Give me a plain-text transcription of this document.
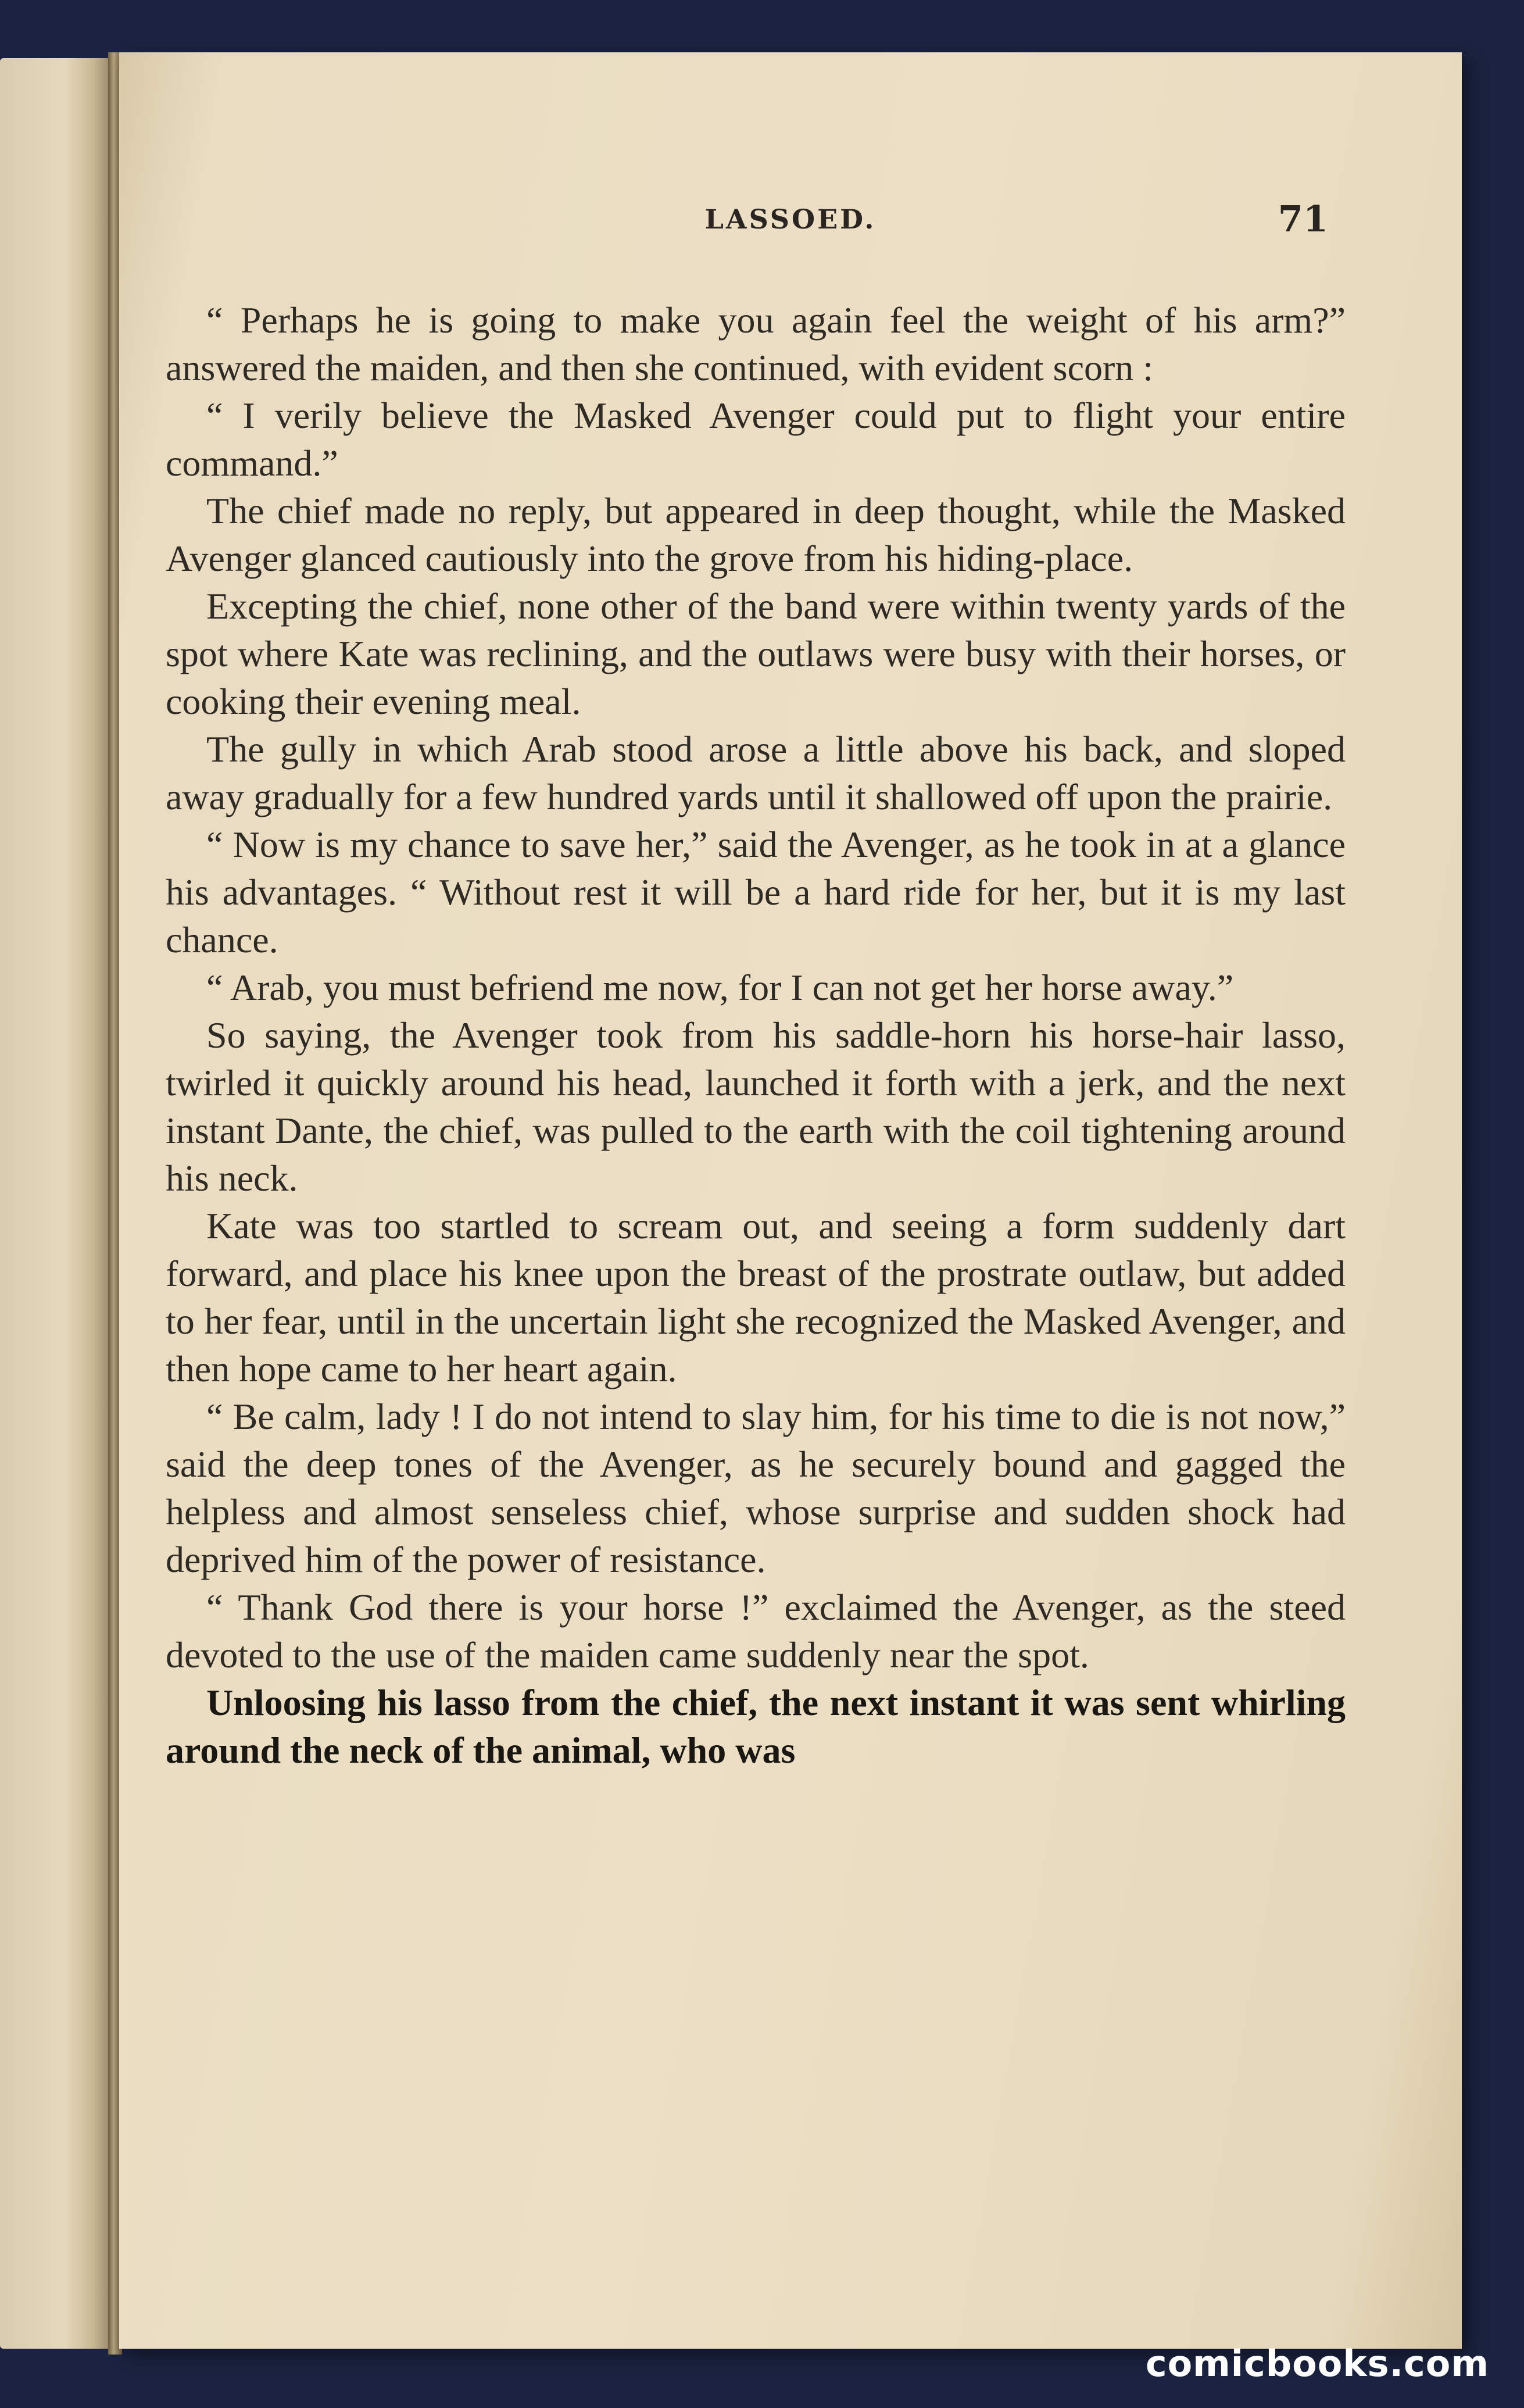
LASSOED.	71

“ Perhaps he is going to make you again feel the weight of his arm?” answered the maiden, and then she continued, with evident scorn :

“ I verily believe the Masked Avenger could put to flight your entire command.”

The chief made no reply, but appeared in deep thought, while the Masked Avenger glanced cautiously into the grove from his hiding-place.

Excepting the chief, none other of the band were within twenty yards of the spot where Kate was reclining, and the outlaws were busy with their horses, or cooking their evening meal.

The gully in which Arab stood arose a little above his back, and sloped away gradually for a few hundred yards until it shallowed off upon the prairie.

“ Now is my chance to save her,” said the Avenger, as he took in at a glance his advantages. “ Without rest it will be a hard ride for her, but it is my last chance.

“ Arab, you must befriend me now, for I can not get her horse away.”

So saying, the Avenger took from his saddle-horn his horse-hair lasso, twirled it quickly around his head, launched it forth with a jerk, and the next instant Dante, the chief, was pulled to the earth with the coil tightening around his neck.

Kate was too startled to scream out, and seeing a form suddenly dart forward, and place his knee upon the breast of the prostrate outlaw, but added to her fear, until in the uncertain light she recognized the Masked Avenger, and then hope came to her heart again.

“ Be calm, lady ! I do not intend to slay him, for his time to die is not now,” said the deep tones of the Avenger, as he securely bound and gagged the helpless and almost senseless chief, whose surprise and sudden shock had deprived him of the power of resistance.

“ Thank God there is your horse !” exclaimed the Avenger, as the steed devoted to the use of the maiden came suddenly near the spot.

Unloosing his lasso from the chief, the next instant it was sent whirling around the neck of the animal, who was

comicbooks.com
